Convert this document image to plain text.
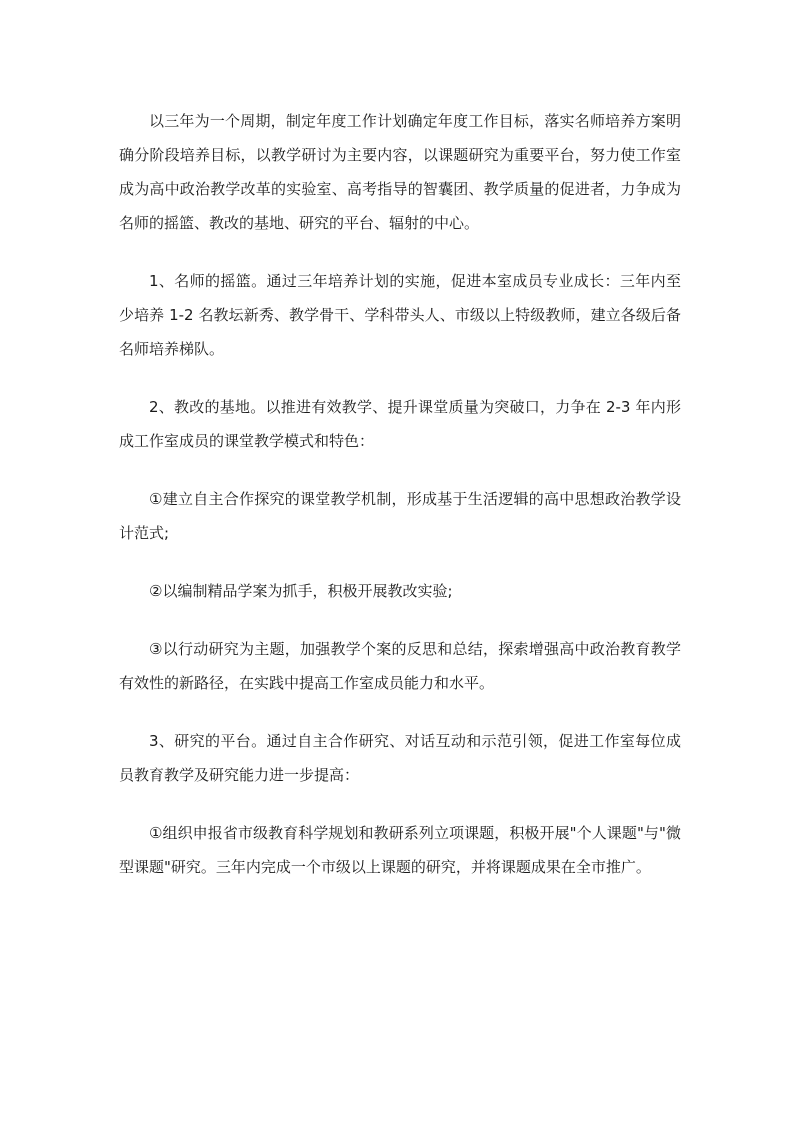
以三年为一个周期，制定年度工作计划确定年度工作目标，落实名师培养方案明确分阶段培养目标，以教学研讨为主要内容，以课题研究为重要平台，努力使工作室成为高中政治教学改革的实验室、高考指导的智囊团、教学质量的促进者，力争成为名师的摇篮、教改的基地、研究的平台、辐射的中心。

1、名师的摇篮。通过三年培养计划的实施，促进本室成员专业成长：三年内至少培养 1-2 名教坛新秀、教学骨干、学科带头人、市级以上特级教师，建立各级后备名师培养梯队。

2、教改的基地。以推进有效教学、提升课堂质量为突破口，力争在 2-3 年内形成工作室成员的课堂教学模式和特色：

①建立自主合作探究的课堂教学机制，形成基于生活逻辑的高中思想政治教学设计范式;

②以编制精品学案为抓手，积极开展教改实验;

③以行动研究为主题，加强教学个案的反思和总结，探索增强高中政治教育教学有效性的新路径，在实践中提高工作室成员能力和水平。

3、研究的平台。通过自主合作研究、对话互动和示范引领，促进工作室每位成员教育教学及研究能力进一步提高：

①组织申报省市级教育科学规划和教研系列立项课题，积极开展"个人课题"与"微型课题"研究。三年内完成一个市级以上课题的研究，并将课题成果在全市推广。
